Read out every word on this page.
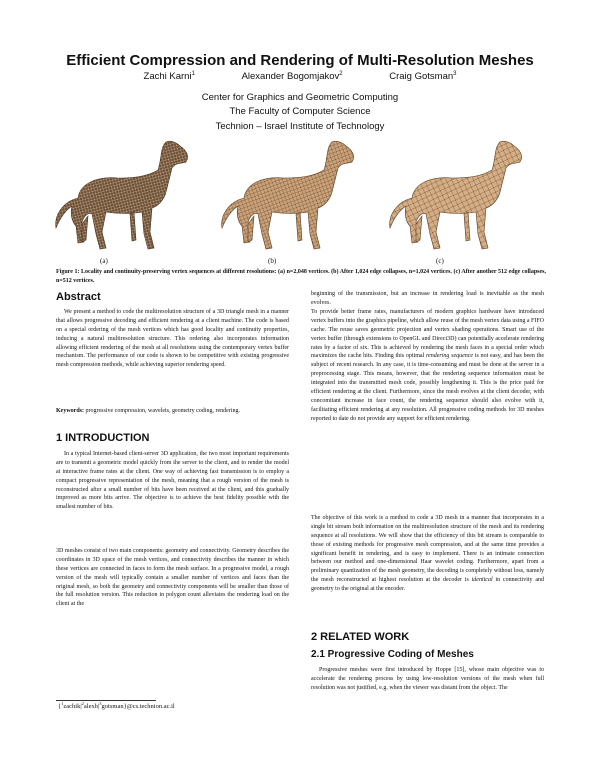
Efficient Compression and Rendering of Multi-Resolution Meshes
Zachi Karni$^1$	Alexander Bogomjakov$^2$	Craig Gotsman$^3$
Center for Graphics and Geometric Computing
The Faculty of Computer Science
Technion – Israel Institute of Technology
(a)	(b)	(c)
Figure 1: Locality and continuity-preserving vertex sequences at different resolutions: (a) n=2,048 vertices. (b) After 1,024 edge collapses, n=1,024 vertices. (c) After another 512 edge collapses, n=512 vertices.
Abstract

We present a method to code the multiresolution structure of a 3D triangle mesh in a manner that allows progressive decoding and efficient rendering at a client machine. The code is based on a special ordering of the mesh vertices which has good locality and continuity properties, inducing a natural multiresolution structure. This ordering also incorporates information allowing efficient rendering of the mesh at all resolutions using the contemporary vertex buffer mechanism. The performance of our code is shown to be competitive with existing progressive mesh compression methods, while achieving superior rendering speed.

Keywords: progressive compression, wavelets, geometry coding, rendering.

1 INTRODUCTION

In a typical Internet-based client-server 3D application, the two most important requirements are to transmit a geometric model quickly from the server to the client, and to render the model at interactive frame rates at the client. One way of achieving fast transmission is to employ a compact progressive representation of the mesh, meaning that a rough version of the mesh is reconstructed after a small number of bits have been received at the client, and this gradually improved as more bits arrive. The objective is to achieve the best fidelity possible with the smallest number of bits.

3D meshes consist of two main components: geometry and connectivity. Geometry describes the coordinates in 3D space of the mesh vertices, and connectivity describes the manner in which these vertices are connected in faces to form the mesh surface. In a progressive model, a rough version of the mesh will typically contain a smaller number of vertices and faces than the original mesh, so both the geometry and connectivity components will be smaller than those of the full resolution version. This reduction in polygon count alleviates the rendering load on the client at the

$\{^1zachik|^2alexb|^3gotsman\}@cs.technion.ac.il$

beginning of the transmission, but an increase in rendering load is inevitable as the mesh evolves.

To provide better frame rates, manufacturers of modern graphics hardware have introduced vertex buffers into the graphics pipeline, which allow reuse of the mesh vertex data using a FIFO cache. The reuse saves geometric projection and vertex shading operations. Smart use of the vertex buffer (through extensions to OpenGL and Direct3D) can potentially accelerate rendering rates by a factor of six. This is achieved by rendering the mesh faces in a special order which maximizes the cache hits. Finding this optimal rendering sequence is not easy, and has been the subject of recent research. In any case, it is time-consuming and must be done at the server in a preprocessing stage. This means, however, that the rendering sequence information must be integrated into the transmitted mesh code, possibly lengthening it. This is the price paid for efficient rendering at the client. Furthermore, since the mesh evolves at the client decoder, with concomitant increase in face count, the rendering sequence should also evolve with it, facilitating efficient rendering at any resolution. All progressive coding methods for 3D meshes reported to date do not provide any support for efficient rendering.

The objective of this work is a method to code a 3D mesh in a manner that incorporates in a single bit stream both information on the multiresolution structure of the mesh and its rendering sequence at all resolutions. We will show that the efficiency of this bit stream is comparable to those of existing methods for progressive mesh compression, and at the same time provides a significant benefit in rendering, and is easy to implement. There is an intimate connection between our method and one-dimensional Haar wavelet coding. Furthermore, apart from a preliminary quantization of the mesh geometry, the decoding is completely without loss, namely the mesh reconstructed at highest resolution at the decoder is identical in connectivity and geometry to the original at the encoder.

2 RELATED WORK
2.1 Progressive Coding of Meshes

Progressive meshes were first introduced by Hoppe [15], whose main objective was to accelerate the rendering process by using low-resolution versions of the mesh when full resolution was not justified, e.g. when the viewer was distant from the object. The
